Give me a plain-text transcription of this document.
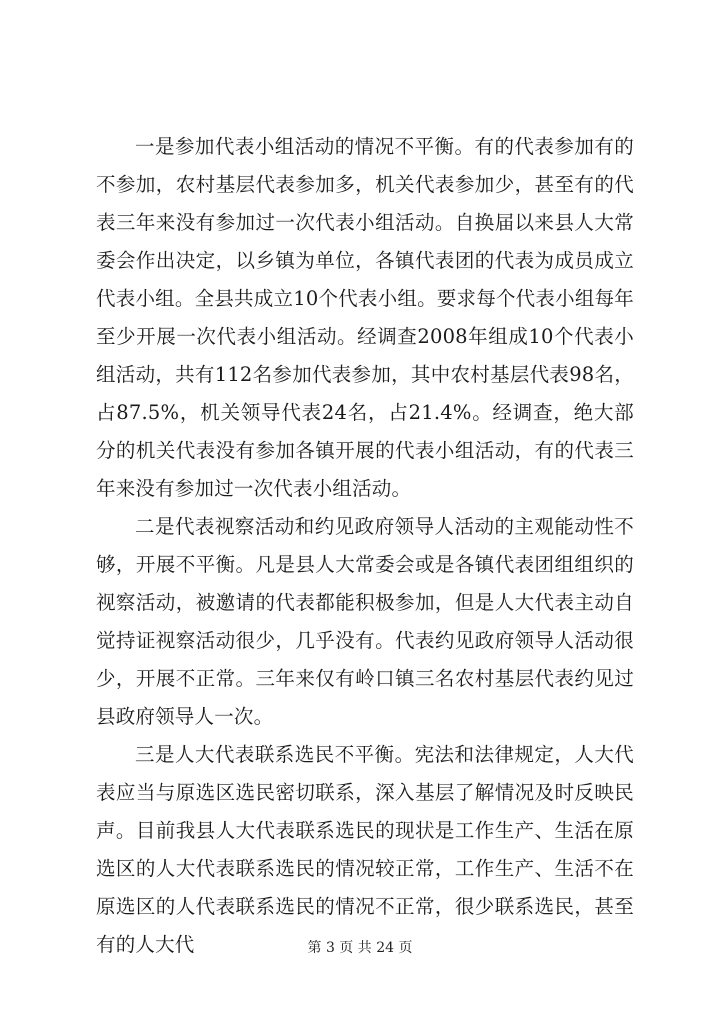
一是参加代表小组活动的情况不平衡。有的代表参加有的不参加，农村基层代表参加多，机关代表参加少，甚至有的代表三年来没有参加过一次代表小组活动。自换届以来县人大常委会作出决定，以乡镇为单位，各镇代表团的代表为成员成立代表小组。全县共成立10个代表小组。要求每个代表小组每年至少开展一次代表小组活动。经调查2008年组成10个代表小组活动，共有112名参加代表参加，其中农村基层代表98名，占87.5%，机关领导代表24名，占21.4%。经调查，绝大部分的机关代表没有参加各镇开展的代表小组活动，有的代表三年来没有参加过一次代表小组活动。

二是代表视察活动和约见政府领导人活动的主观能动性不够，开展不平衡。凡是县人大常委会或是各镇代表团组组织的视察活动，被邀请的代表都能积极参加，但是人大代表主动自觉持证视察活动很少，几乎没有。代表约见政府领导人活动很少，开展不正常。三年来仅有岭口镇三名农村基层代表约见过县政府领导人一次。

三是人大代表联系选民不平衡。宪法和法律规定，人大代表应当与原选区选民密切联系，深入基层了解情况及时反映民声。目前我县人大代表联系选民的现状是工作生产、生活在原选区的人大代表联系选民的情况较正常，工作生产、生活不在原选区的人代表联系选民的情况不正常，很少联系选民，甚至有的人大代	第 3 页 共 24 页
